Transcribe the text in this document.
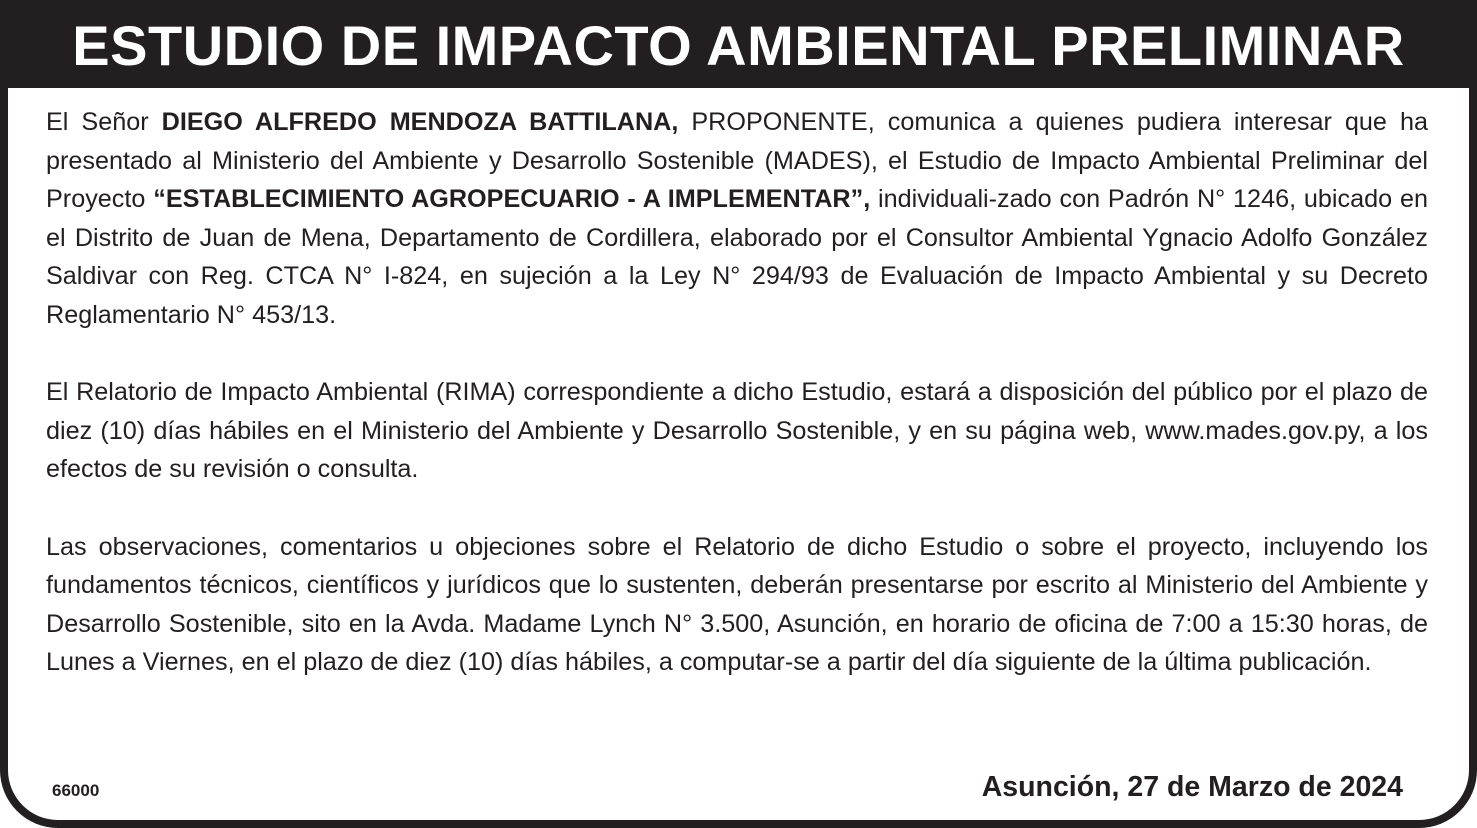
ESTUDIO DE IMPACTO AMBIENTAL PRELIMINAR

El Señor DIEGO ALFREDO MENDOZA BATTILANA, PROPONENTE, comunica a quienes pudiera interesar que ha presentado al Ministerio del Ambiente y Desarrollo Sostenible (MADES), el Estudio de Impacto Ambiental Preliminar del Proyecto “ESTABLECIMIENTO AGROPECUARIO - A IMPLEMENTAR”, individuali-zado con Padrón N° 1246, ubicado en el Distrito de Juan de Mena, Departamento de Cordillera, elaborado por el Consultor Ambiental Ygnacio Adolfo González Saldivar con Reg. CTCA N° I-824, en sujeción a la Ley N° 294/93 de Evaluación de Impacto Ambiental y su Decreto Reglamentario N° 453/13.

El Relatorio de Impacto Ambiental (RIMA) correspondiente a dicho Estudio, estará a disposición del público por el plazo de diez (10) días hábiles en el Ministerio del Ambiente y Desarrollo Sostenible, y en su página web, www.mades.gov.py, a los efectos de su revisión o consulta.

Las observaciones, comentarios u objeciones sobre el Relatorio de dicho Estudio o sobre el proyecto, incluyendo los fundamentos técnicos, científicos y jurídicos que lo sustenten, deberán presentarse por escrito al Ministerio del Ambiente y Desarrollo Sostenible, sito en la Avda. Madame Lynch N° 3.500, Asunción, en horario de oficina de 7:00 a 15:30 horas, de Lunes a Viernes, en el plazo de diez (10) días hábiles, a computar-se a partir del día siguiente de la última publicación.

66000	Asunción, 27 de Marzo de 2024
